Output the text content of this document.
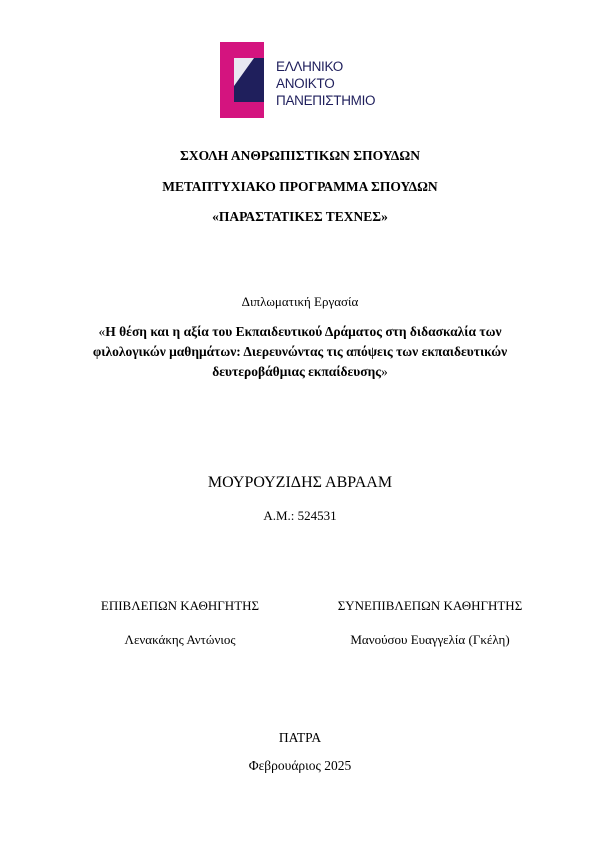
ΕΛΛΗΝΙΚΟ
ΑΝΟΙΚΤΟ
ΠΑΝΕΠΙΣΤΗΜΙΟ
ΣΧΟΛΗ ΑΝΘΡΩΠΙΣΤΙΚΩΝ ΣΠΟΥΔΩΝ
ΜΕΤΑΠΤΥΧΙΑΚΟ ΠΡΟΓΡΑΜΜΑ ΣΠΟΥΔΩΝ
«ΠΑΡΑΣΤΑΤΙΚΕΣ ΤΕΧΝΕΣ»
Διπλωματική Εργασία
«Η θέση και η αξία του Εκπαιδευτικού Δράματος στη διδασκαλία των φιλολογικών μαθημάτων: Διερευνώντας τις απόψεις των εκπαιδευτικών δευτεροβάθμιας εκπαίδευσης»
ΜΟΥΡΟΥΖΙΔΗΣ ΑΒΡΑΑΜ
Α.Μ.: 524531
ΕΠΙΒΛΕΠΩΝ ΚΑΘΗΓΗΤΗΣ
Λενακάκης Αντώνιος
ΣΥΝΕΠΙΒΛΕΠΩΝ ΚΑΘΗΓΗΤΗΣ
Μανούσου Ευαγγελία (Γκέλη)
ΠΑΤΡΑ
Φεβρουάριος 2025
